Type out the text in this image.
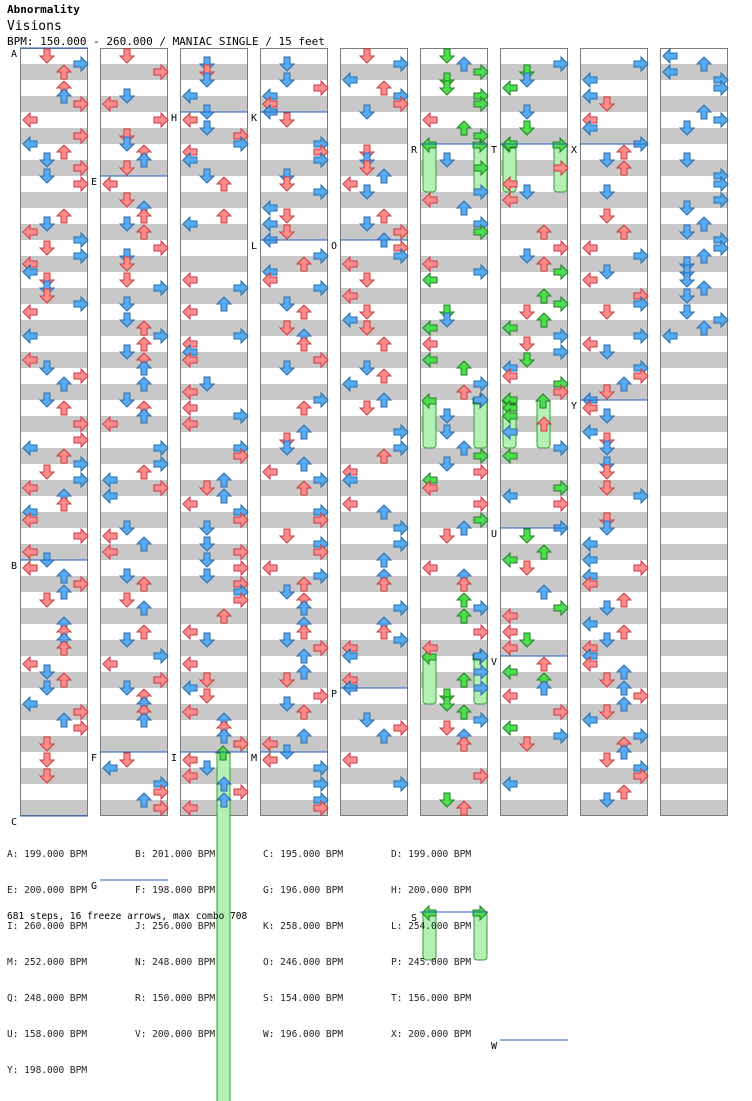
Abnormality
Visions
BPM: 150.000 - 260.000 / MANIAC SINGLE / 15 feet
A
B
C
E
F
G
H
I
K
L
M
O
P
R
S
T
U
V
W
X
Y

A: 199.000 BPM

E: 200.000 BPM

I: 260.000 BPM

M: 252.000 BPM

Q: 248.000 BPM

U: 158.000 BPM

Y: 198.000 BPM

B: 201.000 BPM

F: 198.000 BPM

J: 256.000 BPM

N: 248.000 BPM

R: 150.000 BPM

V: 200.000 BPM

C: 195.000 BPM

G: 196.000 BPM

K: 258.000 BPM

O: 246.000 BPM

S: 154.000 BPM

W: 196.000 BPM

D: 199.000 BPM

H: 200.000 BPM

L: 254.000 BPM

P: 245.000 BPM

T: 156.000 BPM

X: 200.000 BPM

681 steps, 16 freeze arrows, max combo 708
